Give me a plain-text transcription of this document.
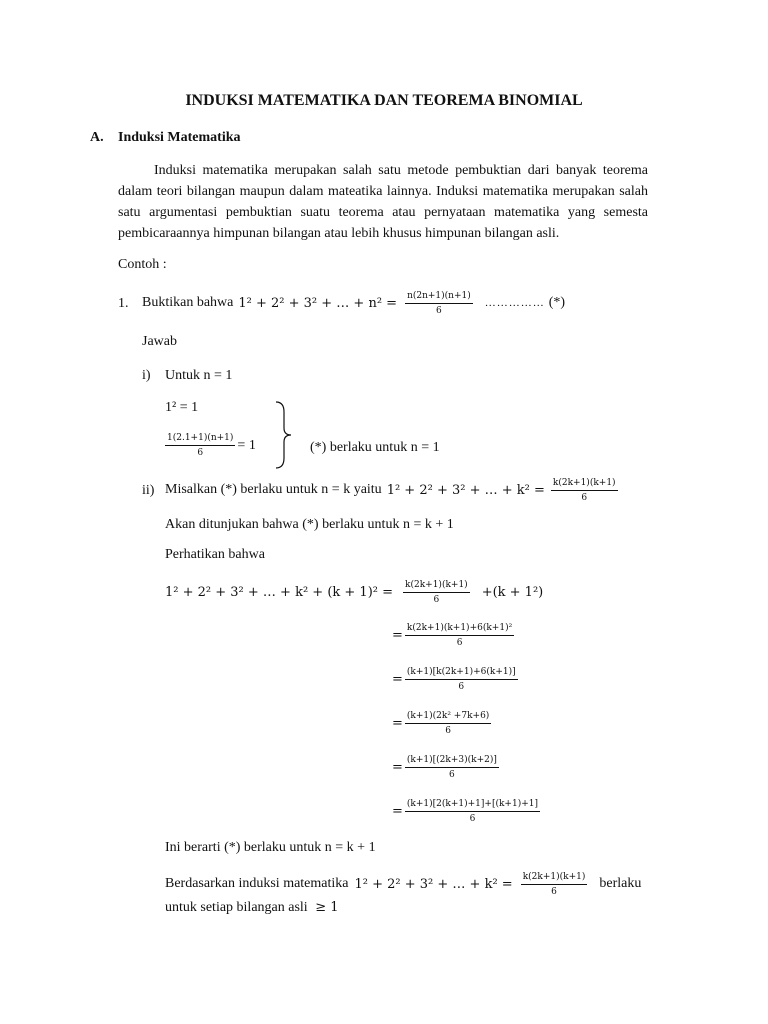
INDUKSI MATEMATIKA DAN TEOREMA BINOMIAL
A. Induksi Matematika
Induksi matematika merupakan salah satu metode pembuktian dari banyak teorema dalam teori bilangan maupun dalam mateatika lainnya. Induksi matematika merupakan salah satu argumentasi pembuktian suatu teorema atau pernyataan matematika yang semesta pembicaraannya himpunan bilangan atau lebih khusus himpunan bilangan asli.
Contoh :
1. Buktikan bahwa 1² + 2² + 3² + … + $n^2 = \frac{n(2n+1)(n+1)}{6}$ …………… (*)
Jawab
i) Untuk n = 1
1² = 1
$\frac{1(2.1+1)(n+1)}{6} = 1$	(*) berlaku untuk n = 1
ii) Misalkan (*) berlaku untuk n = k yaitu 1² + 2² + 3² + … + $k^2 = \frac{k(2k+1)(k+1)}{6}$
Akan ditunjukan bahwa (*) berlaku untuk n = k + 1
Perhatikan bahwa
1² + 2² + 3² + … + $k^2 + (k + 1)^2 = \frac{k(2k+1)(k+1)}{6} +(k + 1^2)$
= $\frac{\text{k(2k+1)(k+1)+6(k+1)²}}{6}$
= $\frac{(k+1)[k(2k+1)+6(k+1)]}{6}$
= $\frac{\text{(k+1)(2k² +7k+6)}}{6}$
= $\frac{(k+1)[(2k+3)(k+2)]}{6}$
= $\frac{(k+1)[2(k+1)+1]+[(k+1)+1]}{6}$
Ini berarti (*) berlaku untuk n = k + 1
Berdasarkan induksi matematika 1² + 2² + 3² + … + $k^2 = \frac{k(2k+1)(k+1)}{6}$ berlaku
untuk setiap bilangan asli ≥ 1
